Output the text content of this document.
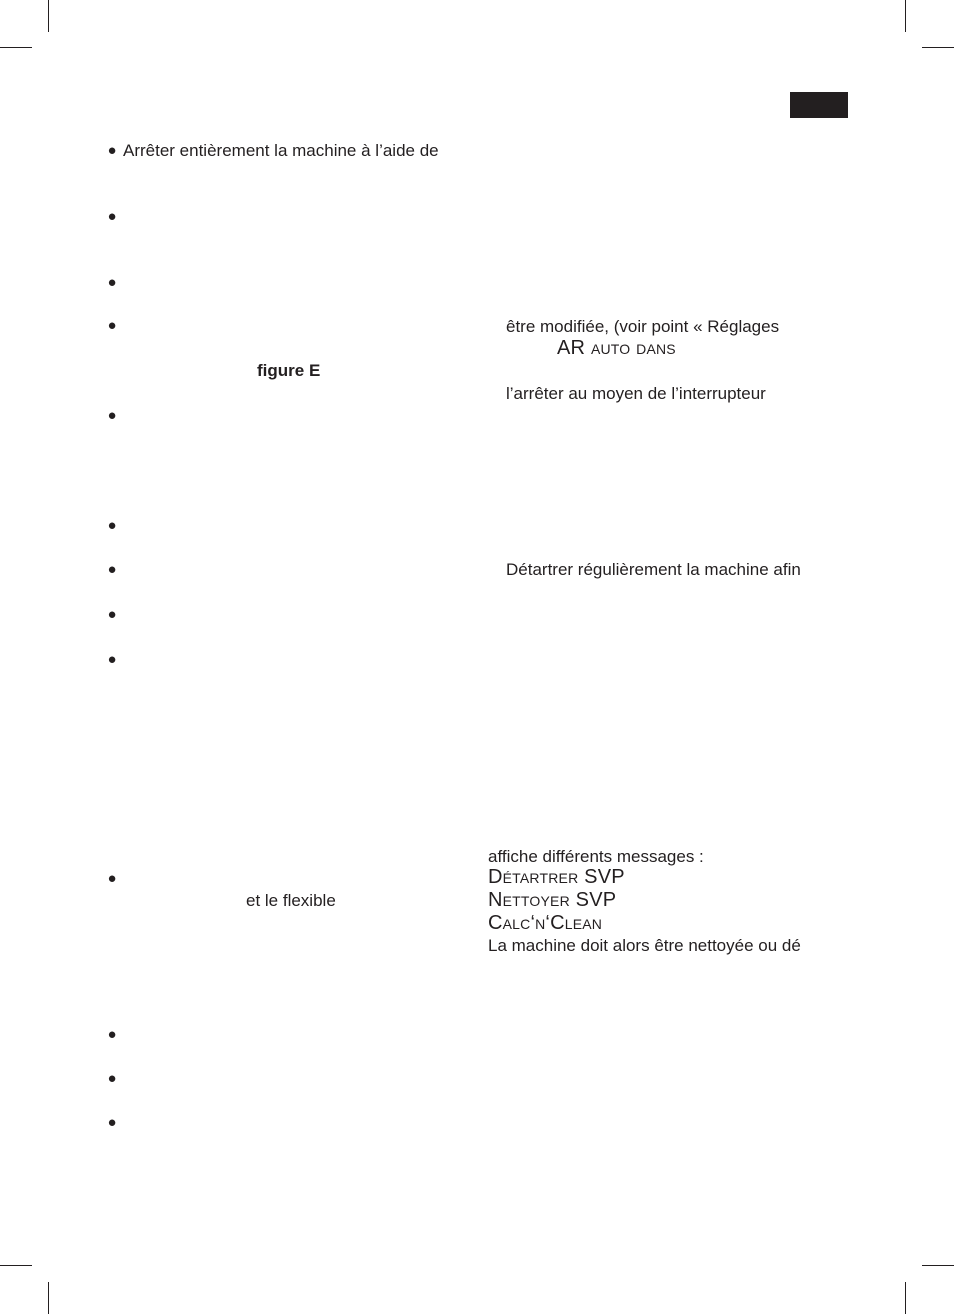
● Arrêter entièrement la machine à l’aide de
●
●
●
figure E
●
●
●
●
●
●
et le flexible
●
●
●
être modifiée, (voir point « Réglages
AR auto dans
l’arrêter au moyen de l’interrupteur
Détartrer régulièrement la machine afin
affiche différents messages :
Détartrer SVP
Nettoyer SVP
Calc‘n‘Clean
La machine doit alors être nettoyée ou dé
